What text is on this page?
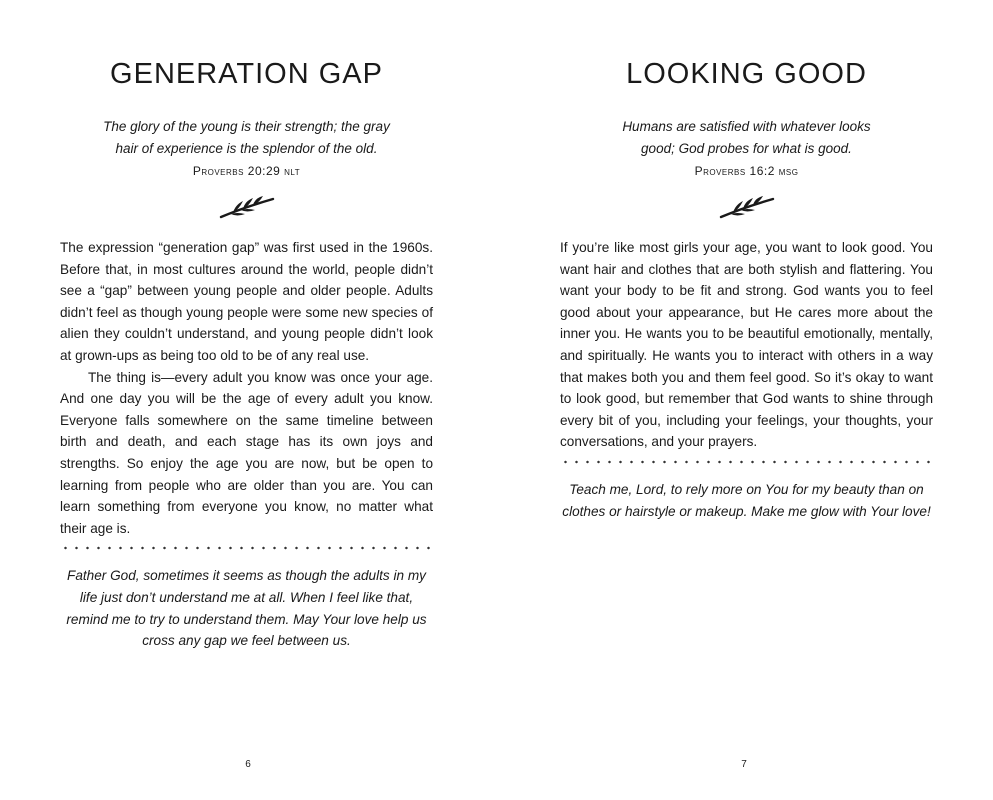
GENERATION GAP
The glory of the young is their strength; the gray
hair of experience is the splendor of the old.
Proverbs 20:29 nlt

The expression “generation gap” was first used in the 1960s. Before that, in most cultures around the world, people didn’t see a “gap” between young people and older people. Adults didn’t feel as though young people were some new species of alien they couldn’t understand, and young people didn’t look at grown-ups as being too old to be of any real use.

The thing is—every adult you know was once your age. And one day you will be the age of every adult you know. Everyone falls somewhere on the same timeline between birth and death, and each stage has its own joys and strengths. So enjoy the age you are now, but be open to learning from people who are older than you are. You can learn something from everyone you know, no matter what their age is.

Father God, sometimes it seems as though the adults in my life just don’t understand me at all. When I feel like that, remind me to try to understand them. May Your love help us cross any gap we feel between us.
6
LOOKING GOOD
Humans are satisfied with whatever looks
good; God probes for what is good.
Proverbs 16:2 msg

If you’re like most girls your age, you want to look good. You want hair and clothes that are both stylish and flattering. You want your body to be fit and strong. God wants you to feel good about your appearance, but He cares more about the inner you. He wants you to be beautiful emotionally, mentally, and spiritually. He wants you to interact with others in a way that makes both you and them feel good. So it’s okay to want to look good, but remember that God wants to shine through every bit of you, including your feelings, your thoughts, your conversations, and your prayers.

Teach me, Lord, to rely more on You for my beauty than on clothes or hairstyle or makeup. Make me glow with Your love!
7
